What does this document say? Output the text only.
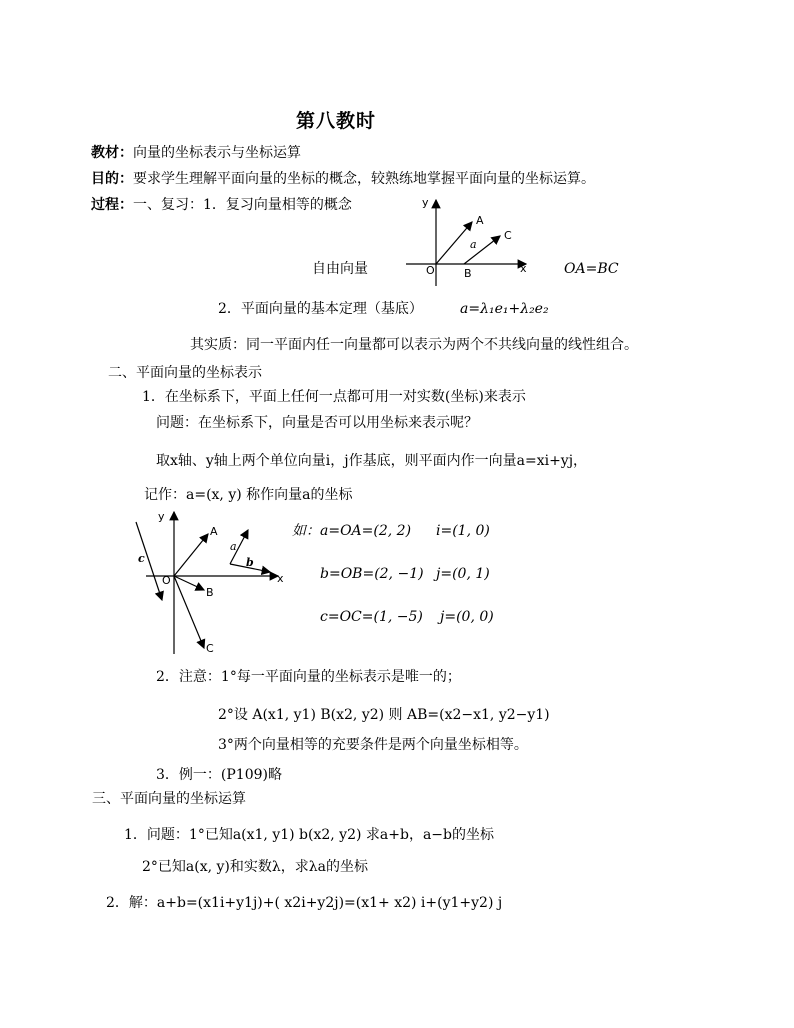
第八教时
教材：向量的坐标表示与坐标运算
目的：要求学生理解平面向量的坐标的概念，较熟练地掌握平面向量的坐标运算。
过程：一、复习：1．复习向量相等的概念	y
A
C
a
O	B	x
自由向量	OA=BC
2．平面向量的基本定理（基底）	a=λ₁e₁+λ₂e₂
其实质：同一平面内任一向量都可以表示为两个不共线向量的线性组合。
二、平面向量的坐标表示
1．在坐标系下，平面上任何一点都可用一对实数(坐标)来表示
问题：在坐标系下，向量是否可以用坐标来表示呢？
取x轴、y轴上两个单位向量i，j作基底，则平面内作一向量a=xi+yj，
记作：a=(x, y) 称作向量a的坐标
y
A
a
c	b
O	x
B
C
如：a=OA=(2, 2) i=(1, 0)
b=OB=(2, −1) j=(0, 1)
c=OC=(1, −5) j=(0, 0)
2．注意：1°每一平面向量的坐标表示是唯一的；
2°设 A(x1, y1) B(x2, y2) 则 AB=(x2−x1, y2−y1)
3°两个向量相等的充要条件是两个向量坐标相等。
3．例一：(P109)略
三、平面向量的坐标运算
1．问题：1°已知a(x1, y1) b(x2, y2) 求a+b，a−b的坐标
2°已知a(x, y)和实数λ，求λa的坐标
2．解：a+b=(x1i+y1j)+( x2i+y2j)=(x1+ x2) i+(y1+y2) j
